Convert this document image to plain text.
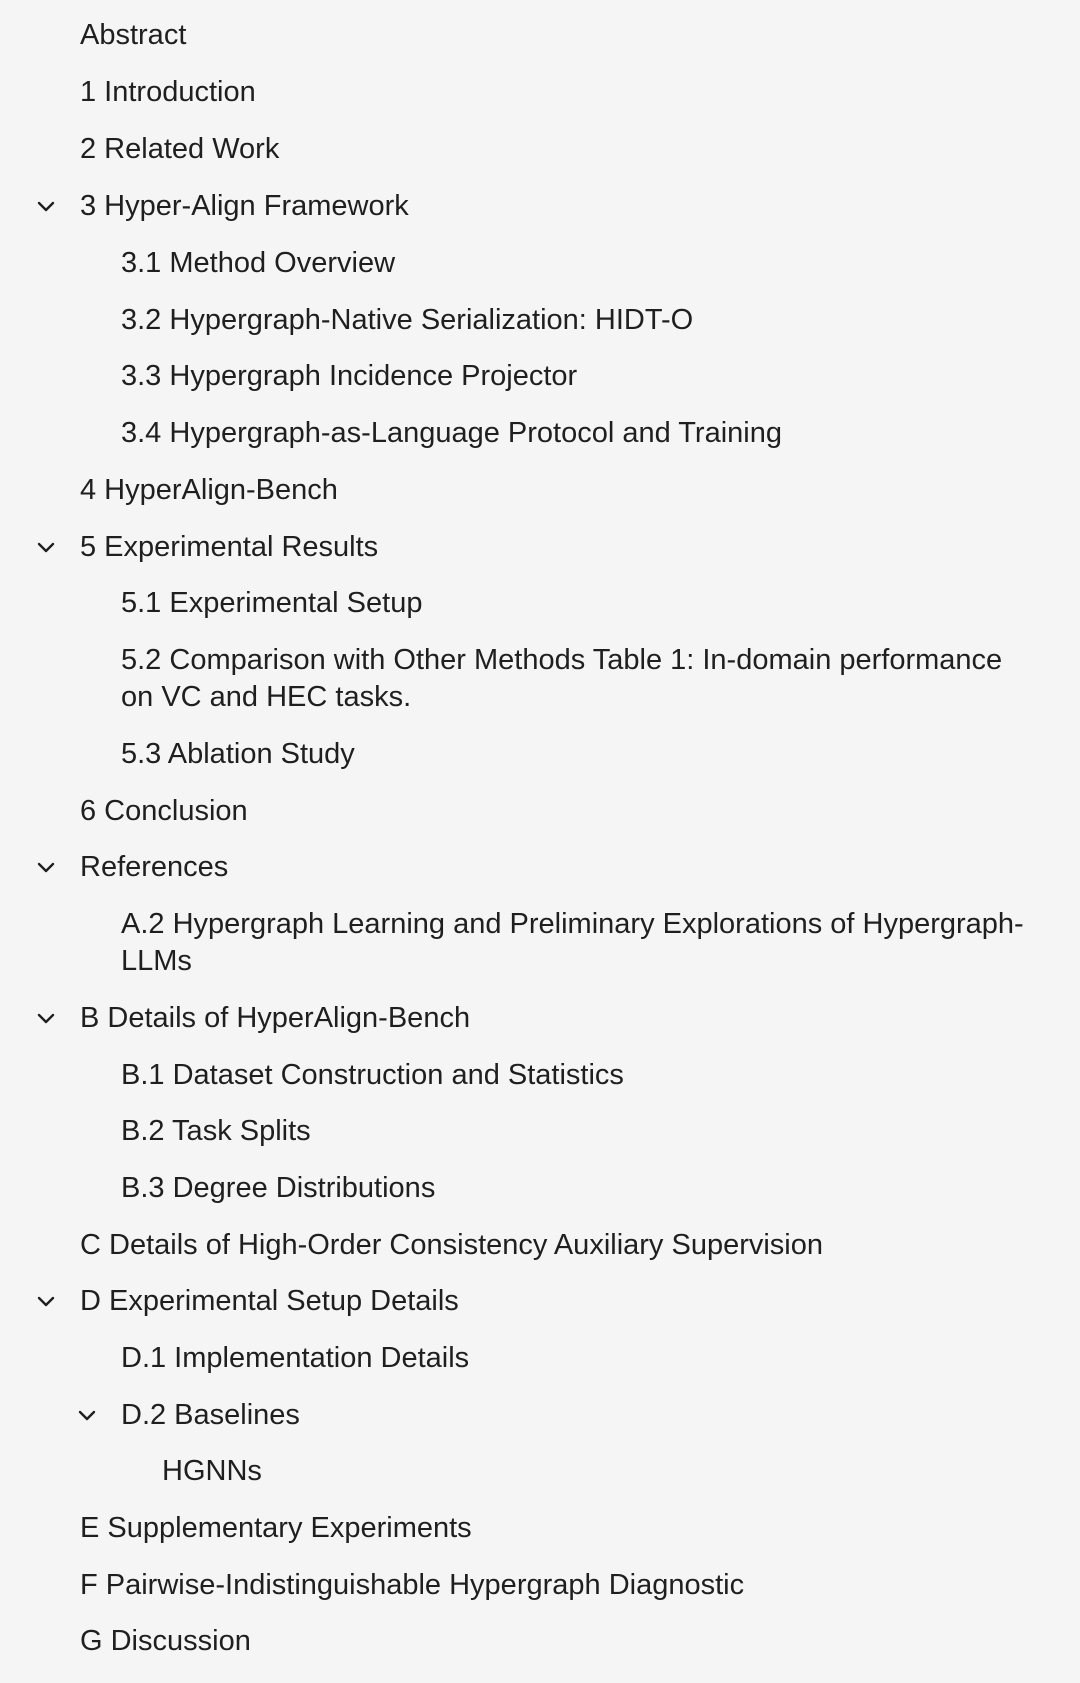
Abstract
1 Introduction
2 Related Work
3 Hyper-Align Framework
3.1 Method Overview
3.2 Hypergraph-Native Serialization: HIDT-O
3.3 Hypergraph Incidence Projector
3.4 Hypergraph-as-Language Protocol and Training
4 HyperAlign-Bench
5 Experimental Results
5.1 Experimental Setup
5.2 Comparison with Other Methods Table 1: In-domain performance on VC and HEC tasks.
5.3 Ablation Study
6 Conclusion
References
A.2 Hypergraph Learning and Preliminary Explorations of Hypergraph-LLMs
B Details of HyperAlign-Bench
B.1 Dataset Construction and Statistics
B.2 Task Splits
B.3 Degree Distributions
C Details of High-Order Consistency Auxiliary Supervision
D Experimental Setup Details
D.1 Implementation Details
D.2 Baselines
HGNNs
E Supplementary Experiments
F Pairwise-Indistinguishable Hypergraph Diagnostic
G Discussion
